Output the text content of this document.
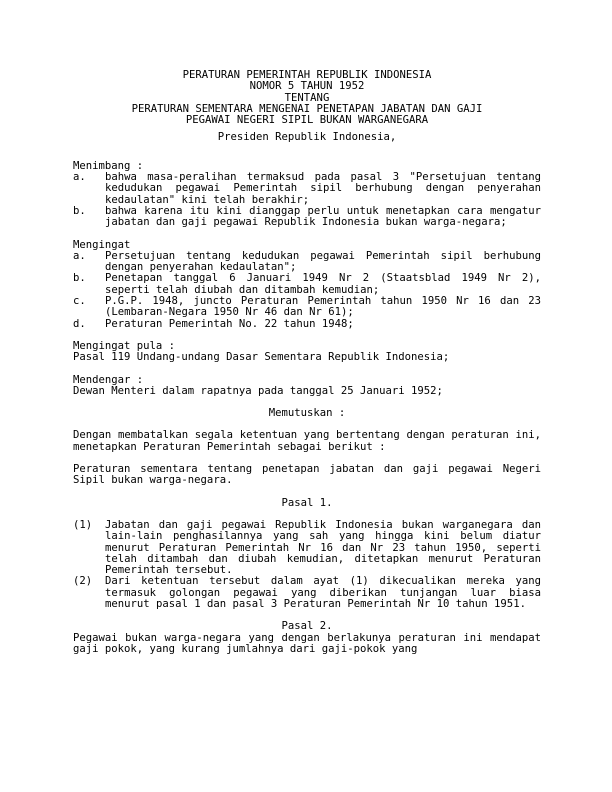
PERATURAN PEMERINTAH REPUBLIK INDONESIA
NOMOR 5 TAHUN 1952
TENTANG
PERATURAN SEMENTARA MENGENAI PENETAPAN JABATAN DAN GAJI
PEGAWAI NEGERI SIPIL BUKAN WARGANEGARA
Presiden Republik Indonesia,
Menimbang :
a.	bahwa masa-peralihan termaksud pada pasal 3 "Persetujuan tentang kedudukan pegawai Pemerintah sipil berhubung dengan penyerahan kedaulatan" kini telah berakhir;
b.	bahwa karena itu kini dianggap perlu untuk menetapkan cara mengatur jabatan dan gaji pegawai Republik Indonesia bukan warga-negara;
Mengingat
a.	Persetujuan tentang kedudukan pegawai Pemerintah sipil berhubung dengan penyerahan kedaulatan";
b.	Penetapan tanggal 6 Januari 1949 Nr 2 (Staatsblad 1949 Nr 2), seperti telah diubah dan ditambah kemudian;
c.	P.G.P. 1948, juncto Peraturan Pemerintah tahun 1950 Nr 16 dan 23 (Lembaran-Negara 1950 Nr 46 dan Nr 61);
d.	Peraturan Pemerintah No. 22 tahun 1948;
Mengingat pula :
Pasal 119 Undang-undang Dasar Sementara Republik Indonesia;
Mendengar :
Dewan Menteri dalam rapatnya pada tanggal 25 Januari 1952;
Memutuskan :

Dengan membatalkan segala ketentuan yang bertentang dengan peraturan ini, menetapkan Peraturan Pemerintah sebagai berikut :

Peraturan sementara tentang penetapan jabatan dan gaji pegawai Negeri Sipil bukan warga-negara.

Pasal 1.
(1)	Jabatan dan gaji pegawai Republik Indonesia bukan warganegara dan lain-lain penghasilannya yang sah yang hingga kini belum diatur menurut Peraturan Pemerintah Nr 16 dan Nr 23 tahun 1950, seperti telah ditambah dan diubah kemudian, ditetapkan menurut Peraturan Pemerintah tersebut.
(2)	Dari ketentuan tersebut dalam ayat (1) dikecualikan mereka yang termasuk golongan pegawai yang diberikan tunjangan luar biasa menurut pasal 1 dan pasal 3 Peraturan Pemerintah Nr 10 tahun 1951.
Pasal 2.

Pegawai bukan warga-negara yang dengan berlakunya peraturan ini mendapat gaji pokok, yang kurang jumlahnya dari gaji-pokok yang
